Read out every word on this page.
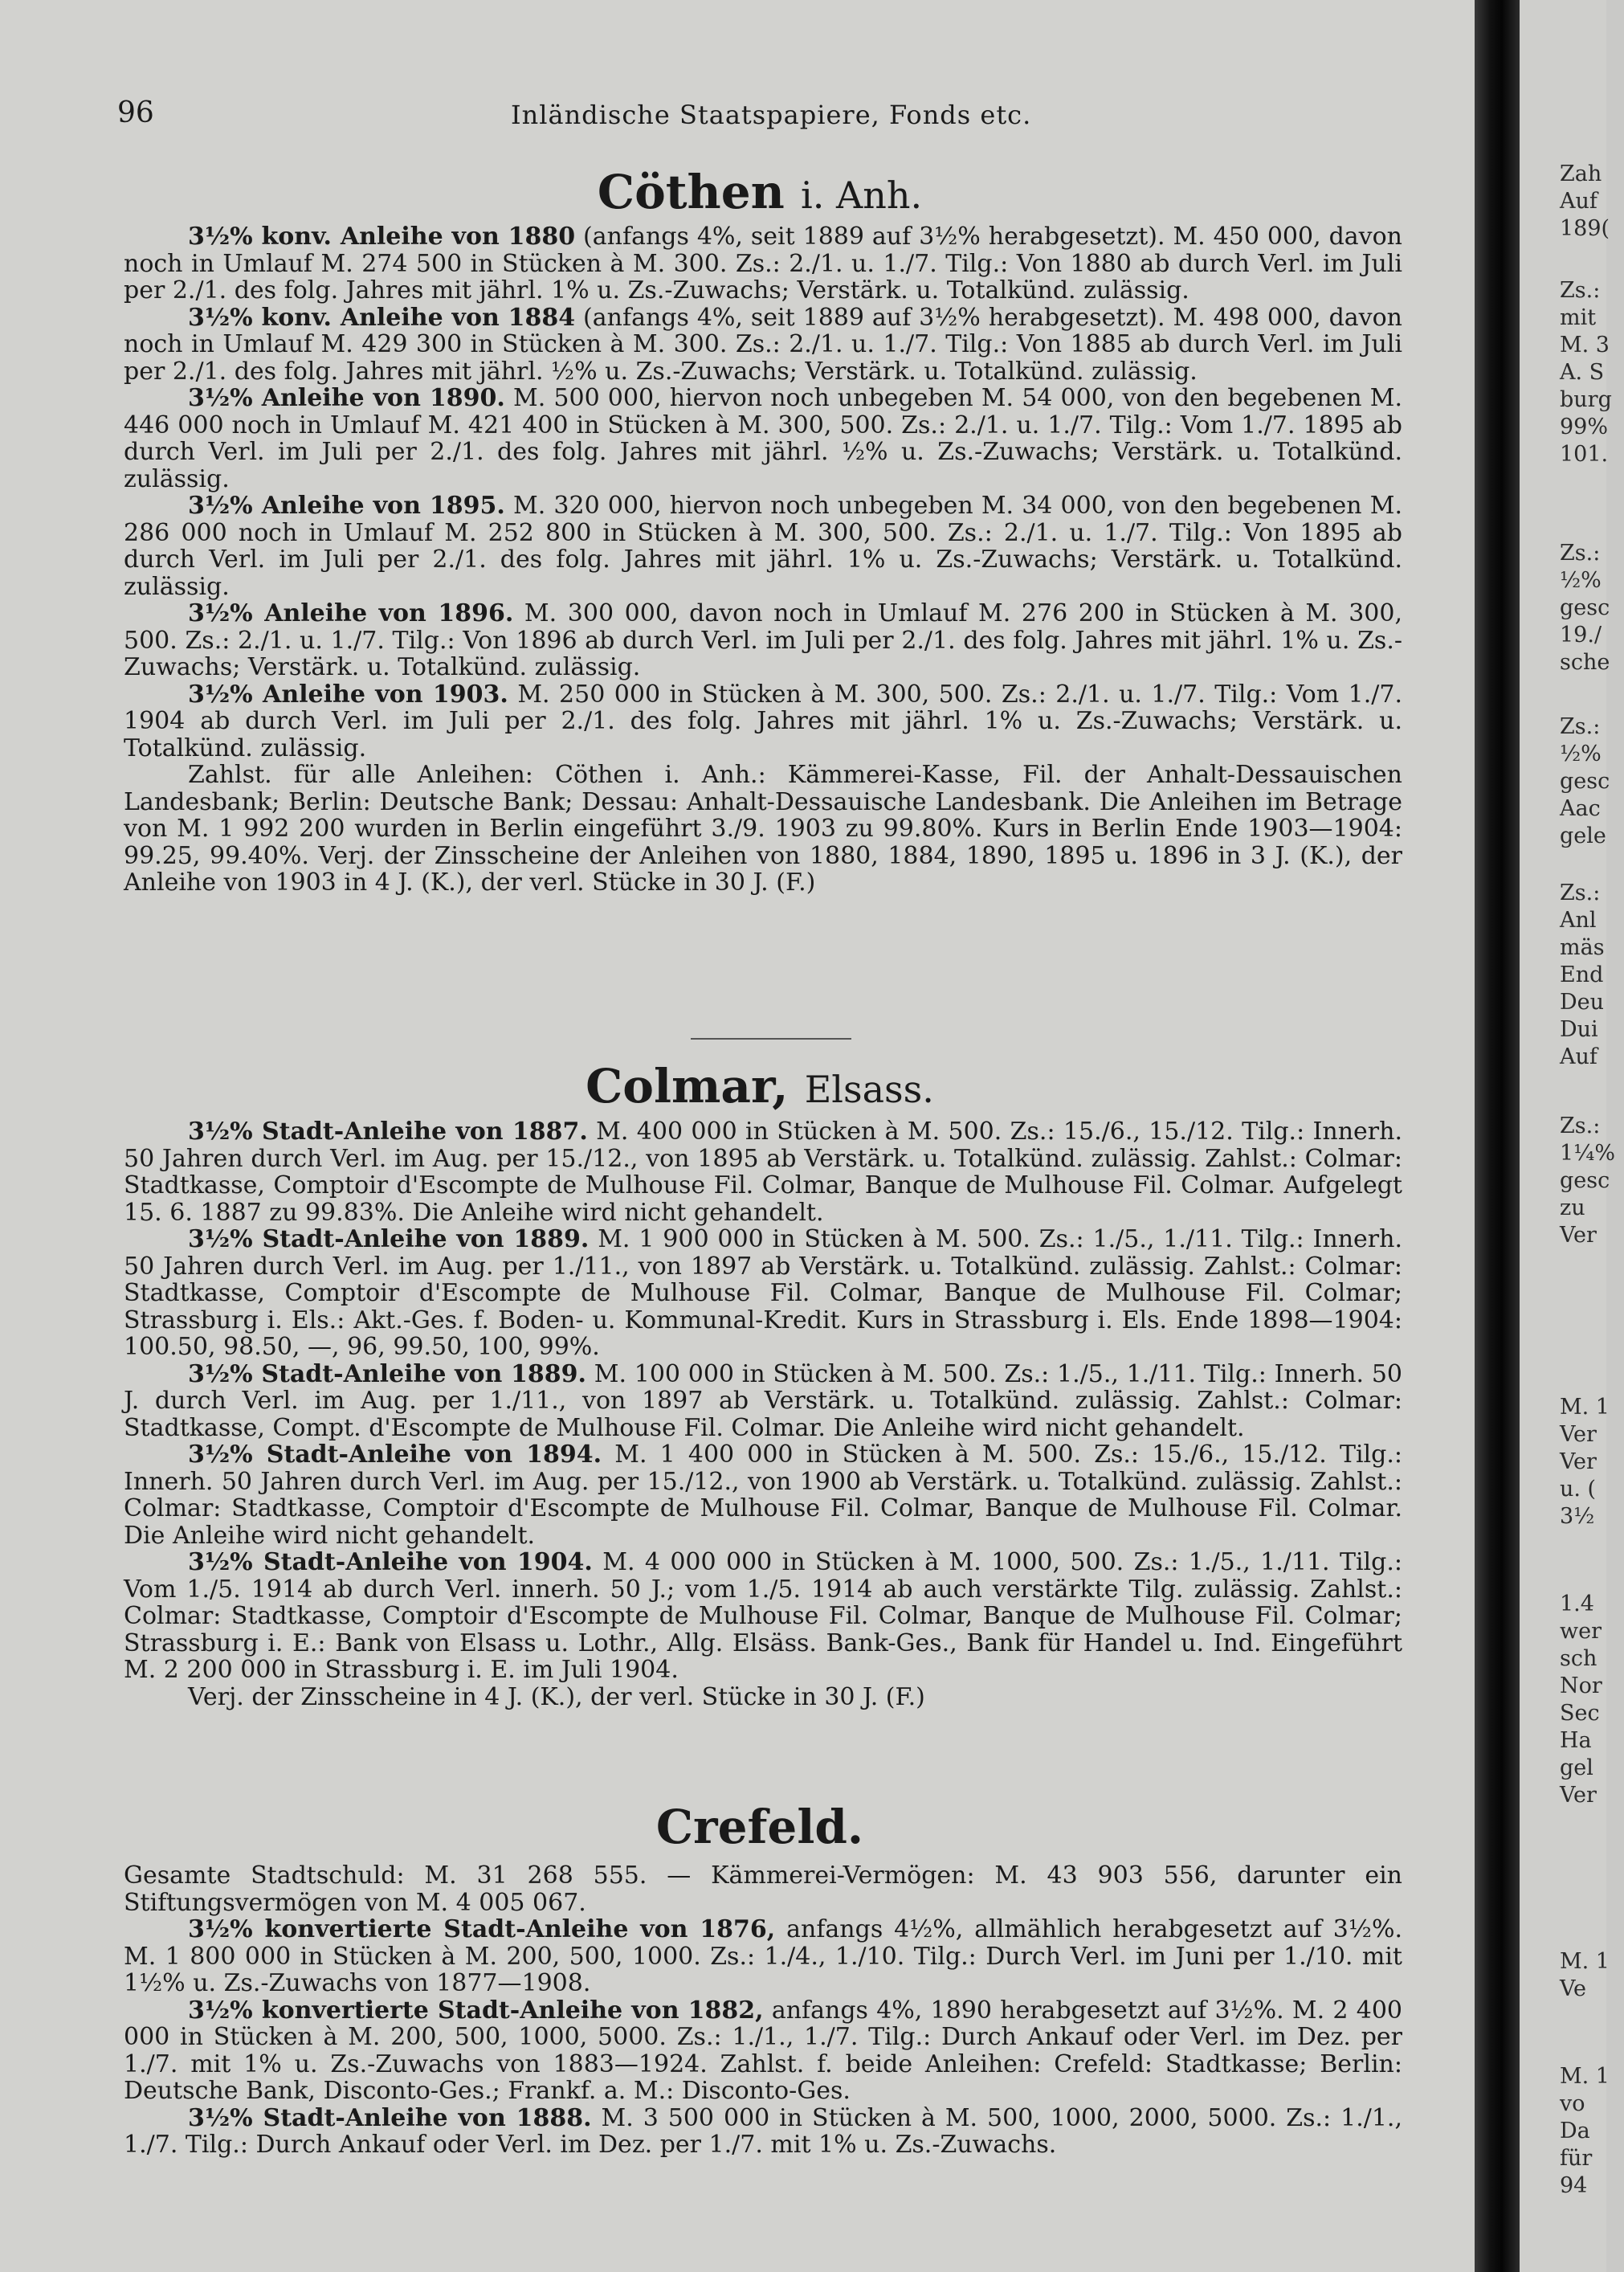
96	Inländische Staatspapiere, Fonds etc.
Cöthen i. Anh.

3½% konv. Anleihe von 1880 (anfangs 4%, seit 1889 auf 3½% herabgesetzt). M. 450 000, davon noch in Umlauf M. 274 500 in Stücken à M. 300. Zs.: 2./1. u. 1./7. Tilg.: Von 1880 ab durch Verl. im Juli per 2./1. des folg. Jahres mit jährl. 1% u. Zs.-Zuwachs; Verstärk. u. Totalkünd. zulässig.

3½% konv. Anleihe von 1884 (anfangs 4%, seit 1889 auf 3½% herabgesetzt). M. 498 000, davon noch in Umlauf M. 429 300 in Stücken à M. 300. Zs.: 2./1. u. 1./7. Tilg.: Von 1885 ab durch Verl. im Juli per 2./1. des folg. Jahres mit jährl. ½% u. Zs.-Zuwachs; Verstärk. u. Totalkünd. zulässig.

3½% Anleihe von 1890. M. 500 000, hiervon noch unbegeben M. 54 000, von den begebenen M. 446 000 noch in Umlauf M. 421 400 in Stücken à M. 300, 500. Zs.: 2./1. u. 1./7. Tilg.: Vom 1./7. 1895 ab durch Verl. im Juli per 2./1. des folg. Jahres mit jährl. ½% u. Zs.-Zuwachs; Verstärk. u. Totalkünd. zulässig.

3½% Anleihe von 1895. M. 320 000, hiervon noch unbegeben M. 34 000, von den begebenen M. 286 000 noch in Umlauf M. 252 800 in Stücken à M. 300, 500. Zs.: 2./1. u. 1./7. Tilg.: Von 1895 ab durch Verl. im Juli per 2./1. des folg. Jahres mit jährl. 1% u. Zs.-Zuwachs; Verstärk. u. Totalkünd. zulässig.

3½% Anleihe von 1896. M. 300 000, davon noch in Umlauf M. 276 200 in Stücken à M. 300, 500. Zs.: 2./1. u. 1./7. Tilg.: Von 1896 ab durch Verl. im Juli per 2./1. des folg. Jahres mit jährl. 1% u. Zs.-Zuwachs; Verstärk. u. Totalkünd. zulässig.

3½% Anleihe von 1903. M. 250 000 in Stücken à M. 300, 500. Zs.: 2./1. u. 1./7. Tilg.: Vom 1./7. 1904 ab durch Verl. im Juli per 2./1. des folg. Jahres mit jährl. 1% u. Zs.-Zuwachs; Verstärk. u. Totalkünd. zulässig.

Zahlst. für alle Anleihen: Cöthen i. Anh.: Kämmerei-Kasse, Fil. der Anhalt-Dessauischen Landesbank; Berlin: Deutsche Bank; Dessau: Anhalt-Dessauische Landesbank. Die Anleihen im Betrage von M. 1 992 200 wurden in Berlin eingeführt 3./9. 1903 zu 99.80%. Kurs in Berlin Ende 1903—1904: 99.25, 99.40%. Verj. der Zinsscheine der Anleihen von 1880, 1884, 1890, 1895 u. 1896 in 3 J. (K.), der Anleihe von 1903 in 4 J. (K.), der verl. Stücke in 30 J. (F.)

Colmar, Elsass.

3½% Stadt-Anleihe von 1887. M. 400 000 in Stücken à M. 500. Zs.: 15./6., 15./12. Tilg.: Innerh. 50 Jahren durch Verl. im Aug. per 15./12., von 1895 ab Verstärk. u. Totalkünd. zulässig. Zahlst.: Colmar: Stadtkasse, Comptoir d'Escompte de Mulhouse Fil. Colmar, Banque de Mulhouse Fil. Colmar. Aufgelegt 15. 6. 1887 zu 99.83%. Die Anleihe wird nicht gehandelt.

3½% Stadt-Anleihe von 1889. M. 1 900 000 in Stücken à M. 500. Zs.: 1./5., 1./11. Tilg.: Innerh. 50 Jahren durch Verl. im Aug. per 1./11., von 1897 ab Verstärk. u. Totalkünd. zulässig. Zahlst.: Colmar: Stadtkasse, Comptoir d'Escompte de Mulhouse Fil. Colmar, Banque de Mulhouse Fil. Colmar; Strassburg i. Els.: Akt.-Ges. f. Boden- u. Kommunal-Kredit. Kurs in Strassburg i. Els. Ende 1898—1904: 100.50, 98.50, —, 96, 99.50, 100, 99%.

3½% Stadt-Anleihe von 1889. M. 100 000 in Stücken à M. 500. Zs.: 1./5., 1./11. Tilg.: Innerh. 50 J. durch Verl. im Aug. per 1./11., von 1897 ab Verstärk. u. Totalkünd. zulässig. Zahlst.: Colmar: Stadtkasse, Compt. d'Escompte de Mulhouse Fil. Colmar. Die Anleihe wird nicht gehandelt.

3½% Stadt-Anleihe von 1894. M. 1 400 000 in Stücken à M. 500. Zs.: 15./6., 15./12. Tilg.: Innerh. 50 Jahren durch Verl. im Aug. per 15./12., von 1900 ab Verstärk. u. Totalkünd. zulässig. Zahlst.: Colmar: Stadtkasse, Comptoir d'Escompte de Mulhouse Fil. Colmar, Banque de Mulhouse Fil. Colmar. Die Anleihe wird nicht gehandelt.

3½% Stadt-Anleihe von 1904. M. 4 000 000 in Stücken à M. 1000, 500. Zs.: 1./5., 1./11. Tilg.: Vom 1./5. 1914 ab durch Verl. innerh. 50 J.; vom 1./5. 1914 ab auch verstärkte Tilg. zulässig. Zahlst.: Colmar: Stadtkasse, Comptoir d'Escompte de Mulhouse Fil. Colmar, Banque de Mulhouse Fil. Colmar; Strassburg i. E.: Bank von Elsass u. Lothr., Allg. Elsäss. Bank-Ges., Bank für Handel u. Ind. Eingeführt M. 2 200 000 in Strassburg i. E. im Juli 1904.

Verj. der Zinsscheine in 4 J. (K.), der verl. Stücke in 30 J. (F.)

Crefeld.

Gesamte Stadtschuld: M. 31 268 555. — Kämmerei-Vermögen: M. 43 903 556, darunter ein Stiftungsvermögen von M. 4 005 067.

3½% konvertierte Stadt-Anleihe von 1876, anfangs 4½%, allmählich herabgesetzt auf 3½%. M. 1 800 000 in Stücken à M. 200, 500, 1000. Zs.: 1./4., 1./10. Tilg.: Durch Verl. im Juni per 1./10. mit 1½% u. Zs.-Zuwachs von 1877—1908.

3½% konvertierte Stadt-Anleihe von 1882, anfangs 4%, 1890 herabgesetzt auf 3½%. M. 2 400 000 in Stücken à M. 200, 500, 1000, 5000. Zs.: 1./1., 1./7. Tilg.: Durch Ankauf oder Verl. im Dez. per 1./7. mit 1% u. Zs.-Zuwachs von 1883—1924. Zahlst. f. beide Anleihen: Crefeld: Stadtkasse; Berlin: Deutsche Bank, Disconto-Ges.; Frankf. a. M.: Disconto-Ges.

3½% Stadt-Anleihe von 1888. M. 3 500 000 in Stücken à M. 500, 1000, 2000, 5000. Zs.: 1./1., 1./7. Tilg.: Durch Ankauf oder Verl. im Dez. per 1./7. mit 1% u. Zs.-Zuwachs.

Zah
Auf
189(
Zs.:
mit
M. 3
A. S
burg
99%
101.
Zs.:
½%
gesc
19./
sche
Zs.:
½%
gesc
Aac
gele
Zs.:
Anl
mäs
End
Deu
Dui
Auf
Zs.:
1¼%
gesc
zu
Ver
M. 1
Ver
Ver
u. (
3½
1.4
wer
sch
Nor
Sec
Ha
gel
Ver
M. 1
Ve
M. 1
vo
Da
für
94
